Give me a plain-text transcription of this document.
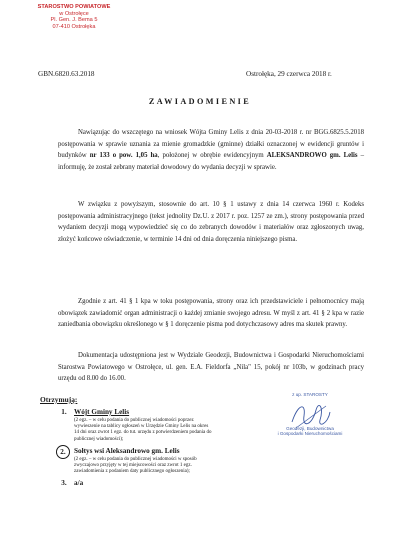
STAROSTWO POWIATOWE
w Ostrołęce
Pl. Gen. J. Bema 5
07-410 Ostrołęka
GBN.6820.63.2018	Ostrołęka, 29 czerwca 2018 r.
ZAWIADOMIENIE

Nawiązując do wszczętego na wniosek Wójta Gminy Lelis z dnia 20-03-2018 r. nr BGG.6825.5.2018 postępowania w sprawie uznania za mienie gromadzkie (gminne) działki oznaczonej w ewidencji gruntów i budynków nr 133 o pow. 1,05 ha, położonej w obrębie ewidencyjnym ALEKSANDROWO gm. Lelis – informuję, że został zebrany materiał dowodowy do wydania decyzji w sprawie.

W związku z powyższym, stosownie do art. 10 § 1 ustawy z dnia 14 czerwca 1960 r. Kodeks postępowania administracyjnego (tekst jednolity Dz.U. z 2017 r. poz. 1257 ze zm.), strony postępowania przed wydaniem decyzji mogą wypowiedzieć się co do zebranych dowodów i materiałów oraz zgłoszonych uwag, złożyć końcowe oświadczenie, w terminie 14 dni od dnia doręczenia niniejszego pisma.

Zgodnie z art. 41 § 1 kpa w toku postępowania, strony oraz ich przedstawiciele i pełnomocnicy mają obowiązek zawiadomić organ administracji o każdej zmianie swojego adresu. W myśl z art. 41 § 2 kpa w razie zaniedbania obowiązku określonego w § 1 doręczenie pisma pod dotychczasowy adres ma skutek prawny.

Dokumentacja udostępniona jest w Wydziale Geodezji, Budownictwa i Gospodarki Nieruchomościami Starostwa Powiatowego w Ostrołęce, ul. gen. E.A. Fieldorfa „Nila" 15, pokój nr 103b, w godzinach pracy urzędu od 8.00 do 16.00.

Otrzymują:
1.	Wójt Gminy Lelis
(2 egz. – w celu podania do publicznej wiadomości poprzez wywieszenie na tablicy ogłoszeń w Urzędzie Gminy Lelis na okres 14 dni oraz zwrot 1 egz. do tut. urzędu z potwierdzeniem podania do publicznej wiadomości);
2.	Sołtys wsi Aleksandrowo gm. Lelis
(2 egz. – w celu podania do publicznej wiadomości w sposób zwyczajowo przyjęty w tej miejscowości oraz zwrot 1 egz. zawiadomienia z podaniem daty publicznego ogłoszenia);
3.	a/a
z up. STAROSTY
Geodezji, Budownictwa
i Gospodarki Nieruchomościami
